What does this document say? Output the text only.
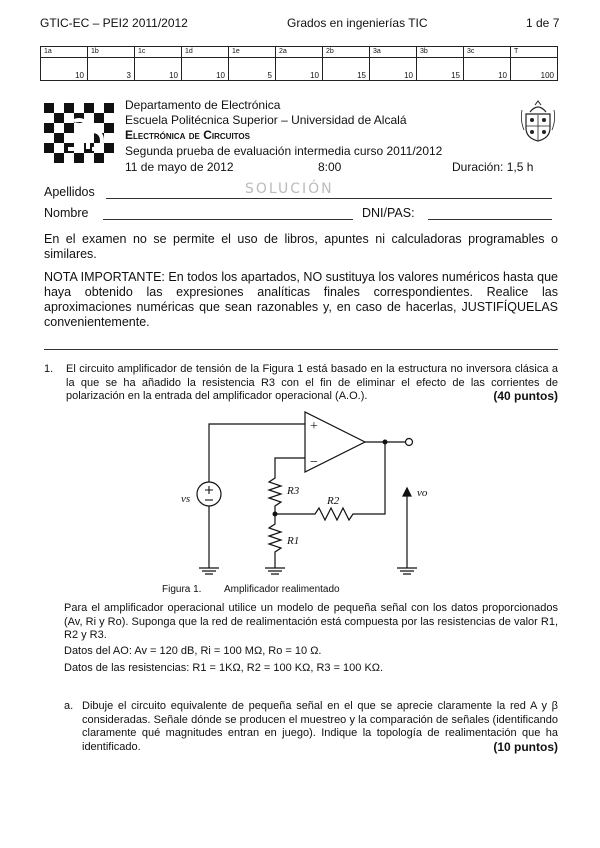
GTIC-EC – PEI2 2011/2012	Grados en ingenierías TIC	1 de 7
1a	1b	1c	1d	1e	2a	2b	3a	3b	3c	T
10	3	10	10	5	10	15	10	15	10	100
Departamento de Electrónica
Escuela Politécnica Superior – Universidad de Alcalá
Electrónica de Circuitos
Segunda prueba de evaluación intermedia curso 2011/2012
11 de mayo de 2012	8:00	Duración: 1,5 h
Apellidos	SOLUCIÓN
Nombre	DNI/PAS:
En el examen no se permite el uso de libros, apuntes ni calculadoras programables o similares.
NOTA IMPORTANTE: En todos los apartados, NO sustituya los valores numéricos hasta que haya obtenido las expresiones analíticas finales correspondientes. Realice las aproximaciones numéricas que sean razonables y, en caso de hacerlas, JUSTIFÍQUELAS convenientemente.
1. El circuito amplificador de tensión de la Figura 1 está basado en la estructura no inversora clásica a la que se ha añadido la resistencia R3 con el fin de eliminar el efecto de las corrientes de polarización en la entrada del amplificador operacional (A.O.).	(40 puntos)
+
−
vs
R3
R2
R1
vo
Figura 1. Amplificador realimentado
Para el amplificador operacional utilice un modelo de pequeña señal con los datos proporcionados (Av, Ri y Ro). Suponga que la red de realimentación está compuesta por las resistencias de valor R1, R2 y R3.
Datos del AO: Av = 120 dB, Ri = 100 MΩ, Ro = 10 Ω.
Datos de las resistencias: R1 = 1KΩ, R2 = 100 KΩ, R3 = 100 KΩ.
a. Dibuje el circuito equivalente de pequeña señal en el que se aprecie claramente la red A y β consideradas. Señale dónde se producen el muestreo y la comparación de señales (identificando claramente qué magnitudes entran en juego). Indique la topología de realimentación que ha identificado.	(10 puntos)
